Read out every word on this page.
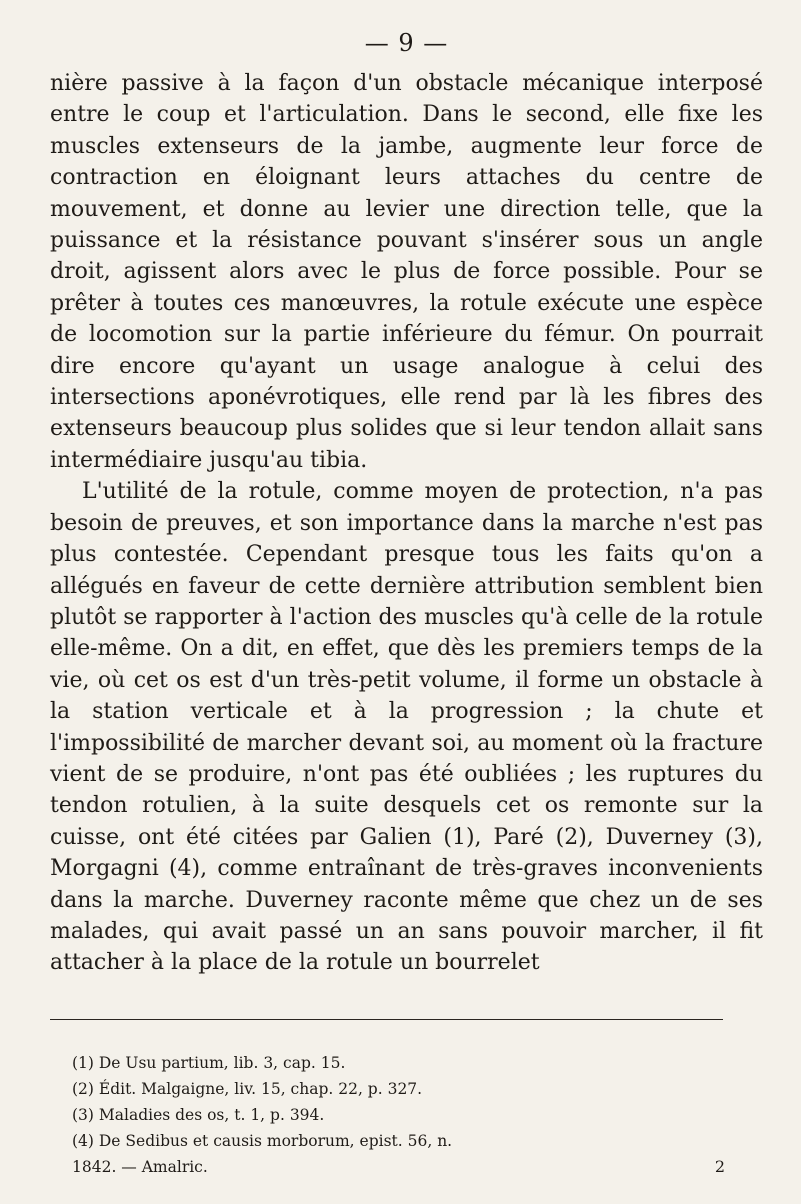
— 9 —

nière passive à la façon d'un obstacle mécanique interposé entre le coup et l'articulation. Dans le second, elle fixe les muscles extenseurs de la jambe, augmente leur force de contraction en éloignant leurs attaches du centre de mouvement, et donne au levier une direction telle, que la puissance et la résistance pouvant s'insérer sous un angle droit, agissent alors avec le plus de force possible. Pour se prêter à toutes ces manœuvres, la rotule exécute une espèce de locomotion sur la partie inférieure du fémur. On pourrait dire encore qu'ayant un usage analogue à celui des intersections aponévrotiques, elle rend par là les fibres des extenseurs beaucoup plus solides que si leur tendon allait sans intermédiaire jusqu'au tibia.

L'utilité de la rotule, comme moyen de protection, n'a pas besoin de preuves, et son importance dans la marche n'est pas plus contestée. Cependant presque tous les faits qu'on a allégués en faveur de cette dernière attribution semblent bien plutôt se rapporter à l'action des muscles qu'à celle de la rotule elle-même. On a dit, en effet, que dès les premiers temps de la vie, où cet os est d'un très-petit volume, il forme un obstacle à la station verticale et à la progression ; la chute et l'impossibilité de marcher devant soi, au moment où la fracture vient de se produire, n'ont pas été oubliées ; les ruptures du tendon rotulien, à la suite desquels cet os remonte sur la cuisse, ont été citées par Galien (1), Paré (2), Duverney (3), Morgagni (4), comme entraînant de très-graves inconvenients dans la marche. Duverney raconte même que chez un de ses malades, qui avait passé un an sans pouvoir marcher, il fit attacher à la place de la rotule un bourrelet

(1) De Usu partium, lib. 3, cap. 15.

(2) Édit. Malgaigne, liv. 15, chap. 22, p. 327.

(3) Maladies des os, t. 1, p. 394.

(4) De Sedibus et causis morborum, epist. 56, n.

1842. — Amalric.	2
